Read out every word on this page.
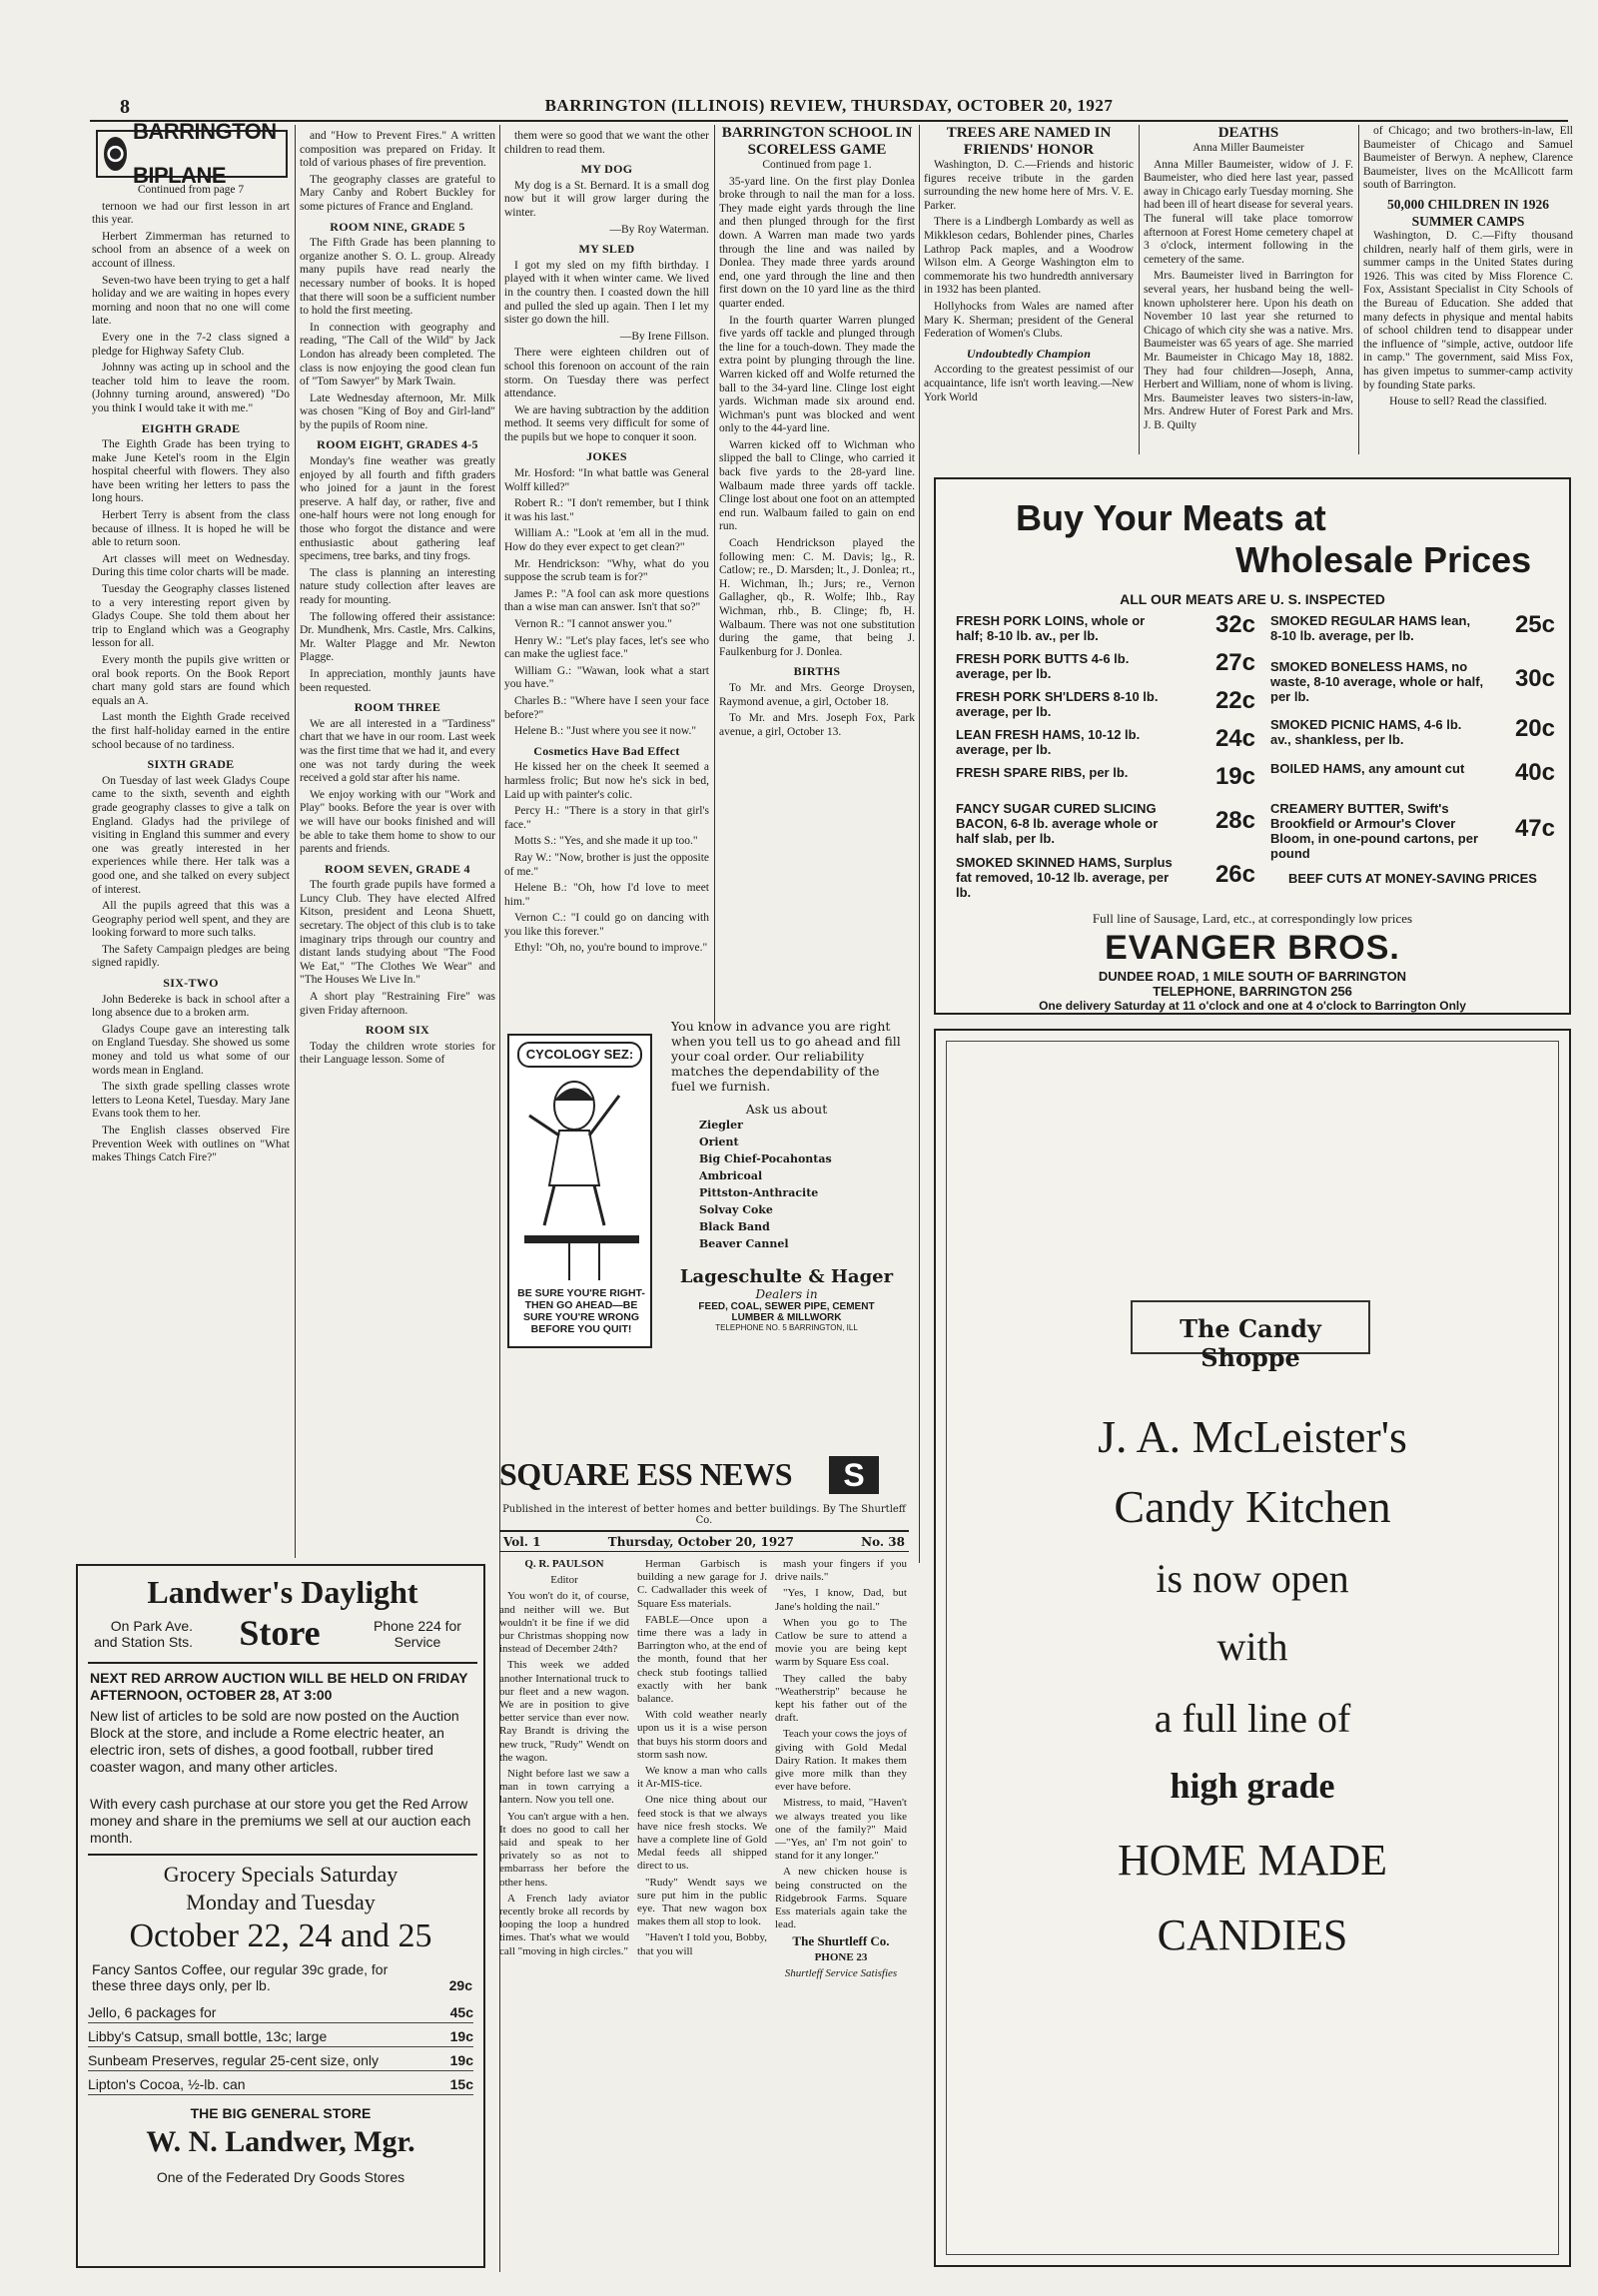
8	BARRINGTON (ILLINOIS) REVIEW, THURSDAY, OCTOBER 20, 1927
BARRINGTON BIPLANE

Continued from page 7

ternoon we had our first lesson in art this year.

Herbert Zimmerman has returned to school from an absence of a week on account of illness.

Seven-two have been trying to get a half holiday and we are waiting in hopes every morning and noon that no one will come late.

Every one in the 7-2 class signed a pledge for Highway Safety Club.

Johnny was acting up in school and the teacher told him to leave the room. (Johnny turning around, answered) "Do you think I would take it with me."

EIGHTH GRADE

The Eighth Grade has been trying to make June Ketel's room in the Elgin hospital cheerful with flowers. They also have been writing her letters to pass the long hours.

Herbert Terry is absent from the class because of illness. It is hoped he will be able to return soon.

Art classes will meet on Wednesday. During this time color charts will be made.

Tuesday the Geography classes listened to a very interesting report given by Gladys Coupe. She told them about her trip to England which was a Geography lesson for all.

Every month the pupils give written or oral book reports. On the Book Report chart many gold stars are found which equals an A.

Last month the Eighth Grade received the first half-holiday earned in the entire school because of no tardiness.

SIXTH GRADE

On Tuesday of last week Gladys Coupe came to the sixth, seventh and eighth grade geography classes to give a talk on England. Gladys had the privilege of visiting in England this summer and every one was greatly interested in her experiences while there. Her talk was a good one, and she talked on every subject of interest.

All the pupils agreed that this was a Geography period well spent, and they are looking forward to more such talks.

The Safety Campaign pledges are being signed rapidly.

SIX-TWO

John Bedereke is back in school after a long absence due to a broken arm.

Gladys Coupe gave an interesting talk on England Tuesday. She showed us some money and told us what some of our words mean in England.

The sixth grade spelling classes wrote letters to Leona Ketel, Tuesday. Mary Jane Evans took them to her.

The English classes observed Fire Prevention Week with outlines on "What makes Things Catch Fire?"

and "How to Prevent Fires." A written composition was prepared on Friday. It told of various phases of fire prevention.

The geography classes are grateful to Mary Canby and Robert Buckley for some pictures of France and England.

ROOM NINE, GRADE 5

The Fifth Grade has been planning to organize another S. O. L. group. Already many pupils have read nearly the necessary number of books. It is hoped that there will soon be a sufficient number to hold the first meeting.

In connection with geography and reading, "The Call of the Wild" by Jack London has already been completed. The class is now enjoying the good clean fun of "Tom Sawyer" by Mark Twain.

Late Wednesday afternoon, Mr. Milk was chosen "King of Boy and Girl-land" by the pupils of Room nine.

ROOM EIGHT, GRADES 4-5

Monday's fine weather was greatly enjoyed by all fourth and fifth graders who joined for a jaunt in the forest preserve. A half day, or rather, five and one-half hours were not long enough for those who forgot the distance and were enthusiastic about gathering leaf specimens, tree barks, and tiny frogs.

The class is planning an interesting nature study collection after leaves are ready for mounting.

The following offered their assistance: Dr. Mundhenk, Mrs. Castle, Mrs. Calkins, Mr. Walter Plagge and Mr. Newton Plagge.

In appreciation, monthly jaunts have been requested.

ROOM THREE

We are all interested in a "Tardiness" chart that we have in our room. Last week was the first time that we had it, and every one was not tardy during the week received a gold star after his name.

We enjoy working with our "Work and Play" books. Before the year is over with we will have our books finished and will be able to take them home to show to our parents and friends.

ROOM SEVEN, GRADE 4

The fourth grade pupils have formed a Luncy Club. They have elected Alfred Kitson, president and Leona Shuett, secretary. The object of this club is to take imaginary trips through our country and distant lands studying about "The Food We Eat," "The Clothes We Wear" and "The Houses We Live In."

A short play "Restraining Fire" was given Friday afternoon.

ROOM SIX

Today the children wrote stories for their Language lesson. Some of

them were so good that we want the other children to read them.

MY DOG

My dog is a St. Bernard. It is a small dog now but it will grow larger during the winter.

—By Roy Waterman.

MY SLED

I got my sled on my fifth birthday. I played with it when winter came. We lived in the country then. I coasted down the hill and pulled the sled up again. Then I let my sister go down the hill.

—By Irene Fillson.

There were eighteen children out of school this forenoon on account of the rain storm. On Tuesday there was perfect attendance.

We are having subtraction by the addition method. It seems very difficult for some of the pupils but we hope to conquer it soon.

JOKES

Mr. Hosford: "In what battle was General Wolff killed?"

Robert R.: "I don't remember, but I think it was his last."

William A.: "Look at 'em all in the mud. How do they ever expect to get clean?"

Mr. Hendrickson: "Why, what do you suppose the scrub team is for?"

James P.: "A fool can ask more questions than a wise man can answer. Isn't that so?"

Vernon R.: "I cannot answer you."

Henry W.: "Let's play faces, let's see who can make the ugliest face."

William G.: "Wawan, look what a start you have."

Charles B.: "Where have I seen your face before?"

Helene B.: "Just where you see it now."

Cosmetics Have Bad Effect

He kissed her on the cheek It seemed a harmless frolic; But now he's sick in bed, Laid up with painter's colic.

Percy H.: "There is a story in that girl's face."

Motts S.: "Yes, and she made it up too."

Ray W.: "Now, brother is just the opposite of me."

Helene B.: "Oh, how I'd love to meet him."

Vernon C.: "I could go on dancing with you like this forever."

Ethyl: "Oh, no, you're bound to improve."

BARRINGTON SCHOOL IN SCORELESS GAME

Continued from page 1.

35-yard line. On the first play Donlea broke through to nail the man for a loss. They made eight yards through the line and then plunged through for the first down. A Warren man made two yards through the line and was nailed by Donlea. They made three yards around end, one yard through the line and then first down on the 10 yard line as the third quarter ended.

In the fourth quarter Warren plunged five yards off tackle and plunged through the line for a touch-down. They made the extra point by plunging through the line. Warren kicked off and Wolfe returned the ball to the 34-yard line. Clinge lost eight yards. Wichman made six around end. Wichman's punt was blocked and went only to the 44-yard line.

Warren kicked off to Wichman who slipped the ball to Clinge, who carried it back five yards to the 28-yard line. Walbaum made three yards off tackle. Clinge lost about one foot on an attempted end run. Walbaum failed to gain on end run.

Coach Hendrickson played the following men: C. M. Davis; lg., R. Catlow; re., D. Marsden; lt., J. Donlea; rt., H. Wichman, lh.; Jurs; re., Vernon Gallagher, qb., R. Wolfe; lhb., Ray Wichman, rhb., B. Clinge; fb, H. Walbaum. There was not one substitution during the game, that being J. Faulkenburg for J. Donlea.

BIRTHS

To Mr. and Mrs. George Droysen, Raymond avenue, a girl, October 18.

To Mr. and Mrs. Joseph Fox, Park avenue, a girl, October 13.

TREES ARE NAMED IN FRIENDS' HONOR

Washington, D. C.—Friends and historic figures receive tribute in the garden surrounding the new home here of Mrs. V. E. Parker.

There is a Lindbergh Lombardy as well as Mikkleson cedars, Bohlender pines, Charles Lathrop Pack maples, and a Woodrow Wilson elm. A George Washington elm to commemorate his two hundredth anniversary in 1932 has been planted.

Hollyhocks from Wales are named after Mary K. Sherman; president of the General Federation of Women's Clubs.

Undoubtedly Champion

According to the greatest pessimist of our acquaintance, life isn't worth leaving.—New York World

DEATHS

Anna Miller Baumeister

Anna Miller Baumeister, widow of J. F. Baumeister, who died here last year, passed away in Chicago early Tuesday morning. She had been ill of heart disease for several years. The funeral will take place tomorrow afternoon at Forest Home cemetery chapel at 3 o'clock, interment following in the cemetery of the same.

Mrs. Baumeister lived in Barrington for several years, her husband being the well-known upholsterer here. Upon his death on November 10 last year she returned to Chicago of which city she was a native. Mrs. Baumeister was 65 years of age. She married Mr. Baumeister in Chicago May 18, 1882. They had four children—Joseph, Anna, Herbert and William, none of whom is living. Mrs. Baumeister leaves two sisters-in-law, Mrs. Andrew Huter of Forest Park and Mrs. J. B. Quilty

of Chicago; and two brothers-in-law, Ell Baumeister of Chicago and Samuel Baumeister of Berwyn. A nephew, Clarence Baumeister, lives on the McAllicott farm south of Barrington.

50,000 CHILDREN IN 1926 SUMMER CAMPS

Washington, D. C.—Fifty thousand children, nearly half of them girls, were in summer camps in the United States during 1926. This was cited by Miss Florence C. Fox, Assistant Specialist in City Schools of the Bureau of Education. She added that many defects in physique and mental habits of school children tend to disappear under the influence of "simple, active, outdoor life in camp." The government, said Miss Fox, has given impetus to summer-camp activity by founding State parks.

House to sell? Read the classified.

Buy Your Meats at
Wholesale Prices
ALL OUR MEATS ARE U. S. INSPECTED
FRESH PORK LOINS, whole or half; 8-10 lb. av., per lb.	32c
FRESH PORK BUTTS 4-6 lb. average, per lb.	27c
FRESH PORK SH'LDERS 8-10 lb. average, per lb.	22c
LEAN FRESH HAMS, 10-12 lb. average, per lb.	24c
FRESH SPARE RIBS, per lb.	19c
FANCY SUGAR CURED SLICING BACON, 6-8 lb. average whole or half slab, per lb.
28c
SMOKED SKINNED HAMS, Surplus fat removed, 10-12 lb. average, per lb.
26c
SMOKED REGULAR HAMS lean, 8-10 lb. average, per lb.	25c
SMOKED BONELESS HAMS, no waste, 8-10 average, whole or half, per lb.
30c
SMOKED PICNIC HAMS, 4-6 lb. av., shankless, per lb.	20c
BOILED HAMS, any amount cut	40c
CREAMERY BUTTER, Swift's Brookfield or Armour's Clover Bloom, in one-pound cartons, per pound
47c
BEEF CUTS AT MONEY-SAVING PRICES
Full line of Sausage, Lard, etc., at correspondingly low prices
EVANGER BROS.
DUNDEE ROAD, 1 MILE SOUTH OF BARRINGTON
TELEPHONE, BARRINGTON 256
One delivery Saturday at 11 o'clock and one at 4 o'clock to Barrington Only
The Candy Shoppe
J. A. McLeister's
Candy Kitchen
is now open
with
a full line of
high grade
HOME MADE
CANDIES
CYCOLOGY SEZ:
BE SURE YOU'RE RIGHT- THEN GO AHEAD—BE SURE YOU'RE WRONG BEFORE YOU QUIT!

You know in advance you are right when you tell us to go ahead and fill your coal order. Our reliability matches the dependability of the fuel we furnish.

Ask us about

Ziegler
Orient
Big Chief-Pocahontas
Ambricoal
Pittston-Anthracite
Solvay Coke
Black Band
Beaver Cannel
Lageschulte & Hager
Dealers in
FEED, COAL, SEWER PIPE, CEMENT
LUMBER & MILLWORK
TELEPHONE NO. 5 BARRINGTON, ILL
Landwer's Daylight
On Park Ave. and Station Sts.	Store	Phone 224 for Service
NEXT RED ARROW AUCTION WILL BE HELD ON FRIDAY AFTERNOON, OCTOBER 28, AT 3:00
New list of articles to be sold are now posted on the Auction Block at the store, and include a Rome electric heater, an electric iron, sets of dishes, a good football, rubber tired coaster wagon, and many other articles.
With every cash purchase at our store you get the Red Arrow money and share in the premiums we sell at our auction each month.
Grocery Specials Saturday
Monday and Tuesday
October 22, 24 and 25
Fancy Santos Coffee, our regular 39c grade, for these three days only, per lb.	29c
Jello, 6 packages for	45c
Libby's Catsup, small bottle, 13c; large	19c
Sunbeam Preserves, regular 25-cent size, only	19c
Lipton's Cocoa, ½-lb. can	15c
THE BIG GENERAL STORE
W. N. Landwer, Mgr.
One of the Federated Dry Goods Stores
SQUARE ESS NEWS	S
Published in the interest of better homes and better buildings. By The Shurtleff Co.
Vol. 1	Thursday, October 20, 1927	No. 38

Q. R. PAULSON

Editor

You won't do it, of course, and neither will we. But wouldn't it be fine if we did our Christmas shopping now instead of December 24th?

This week we added another International truck to our fleet and a new wagon. We are in position to give better service than ever now. Ray Brandt is driving the new truck, "Rudy" Wendt on the wagon.

Night before last we saw a man in town carrying a lantern. Now you tell one.

You can't argue with a hen. It does no good to call her said and speak to her privately so as not to embarrass her before the other hens.

A French lady aviator recently broke all records by looping the loop a hundred times. That's what we would call "moving in high circles."

Herman Garbisch is building a new garage for J. C. Cadwallader this week of Square Ess materials.

FABLE—Once upon a time there was a lady in Barrington who, at the end of the month, found that her check stub footings tallied exactly with her bank balance.

With cold weather nearly upon us it is a wise person that buys his storm doors and storm sash now.

We know a man who calls it Ar-MIS-tice.

One nice thing about our feed stock is that we always have nice fresh stocks. We have a complete line of Gold Medal feeds all shipped direct to us.

"Rudy" Wendt says we sure put him in the public eye. That new wagon box makes them all stop to look.

"Haven't I told you, Bobby, that you will

mash your fingers if you drive nails."

"Yes, I know, Dad, but Jane's holding the nail."

When you go to The Catlow be sure to attend a movie you are being kept warm by Square Ess coal.

They called the baby "Weatherstrip" because he kept his father out of the draft.

Teach your cows the joys of giving with Gold Medal Dairy Ration. It makes them give more milk than they ever have before.

Mistress, to maid, "Haven't we always treated you like one of the family?" Maid—"Yes, an' I'm not goin' to stand for it any longer."

A new chicken house is being constructed on the Ridgebrook Farms. Square Ess materials again take the lead.

The Shurtleff Co.

PHONE 23

Shurtleff Service Satisfies
